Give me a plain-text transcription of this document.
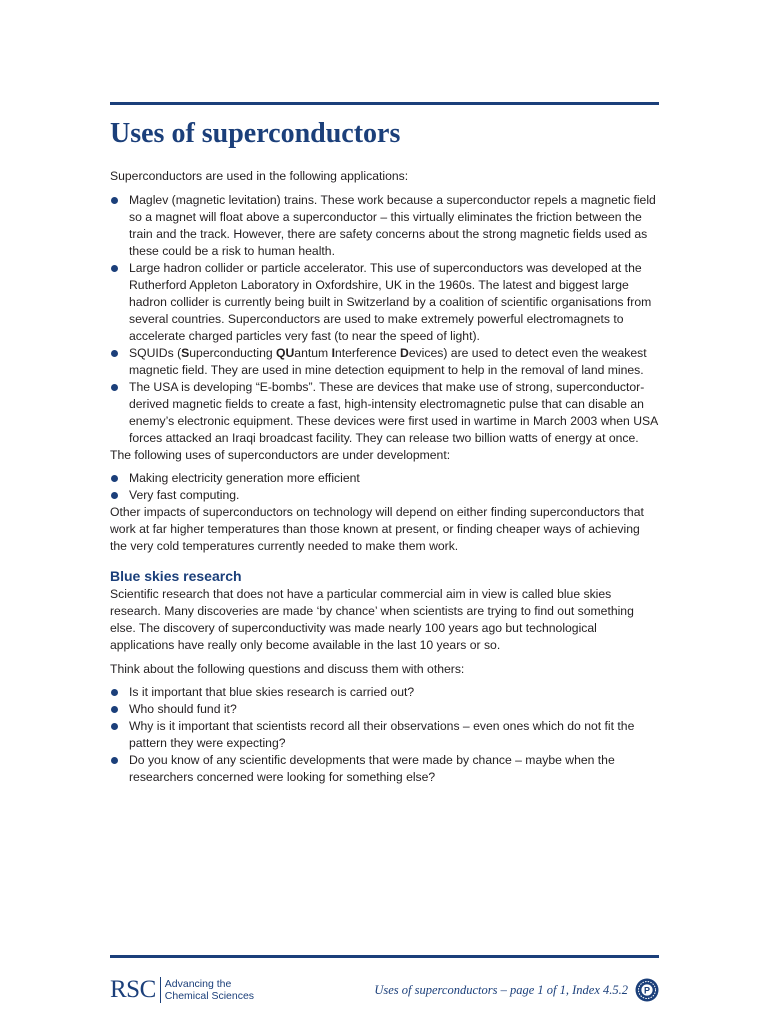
Uses of superconductors

Superconductors are used in the following applications:

Maglev (magnetic levitation) trains. These work because a superconductor repels a magnetic field so a magnet will float above a superconductor – this virtually eliminates the friction between the train and the track. However, there are safety concerns about the strong magnetic fields used as these could be a risk to human health.
Large hadron collider or particle accelerator. This use of superconductors was developed at the Rutherford Appleton Laboratory in Oxfordshire, UK in the 1960s. The latest and biggest large hadron collider is currently being built in Switzerland by a coalition of scientific organisations from several countries. Superconductors are used to make extremely powerful electromagnets to accelerate charged particles very fast (to near the speed of light).
SQUIDs (Superconducting QUantum Interference Devices) are used to detect even the weakest magnetic field. They are used in mine detection equipment to help in the removal of land mines.
The USA is developing “E-bombs”. These are devices that make use of strong, superconductor-derived magnetic fields to create a fast, high-intensity electromagnetic pulse that can disable an enemy’s electronic equipment. These devices were first used in wartime in March 2003 when USA forces attacked an Iraqi broadcast facility. They can release two billion watts of energy at once.

The following uses of superconductors are under development:

Making electricity generation more efficient
Very fast computing.

Other impacts of superconductors on technology will depend on either finding superconductors that work at far higher temperatures than those known at present, or finding cheaper ways of achieving the very cold temperatures currently needed to make them work.

Blue skies research

Scientific research that does not have a particular commercial aim in view is called blue skies research. Many discoveries are made ‘by chance’ when scientists are trying to find out something else. The discovery of superconductivity was made nearly 100 years ago but technological applications have really only become available in the last 10 years or so.

Think about the following questions and discuss them with others:

Is it important that blue skies research is carried out?
Who should fund it?
Why is it important that scientists record all their observations – even ones which do not fit the pattern they were expecting?
Do you know of any scientific developments that were made by chance – maybe when the researchers concerned were looking for something else?
RSC Advancing the
Chemical Sciences	Uses of superconductors – page 1 of 1, Index 4.5.2 P
